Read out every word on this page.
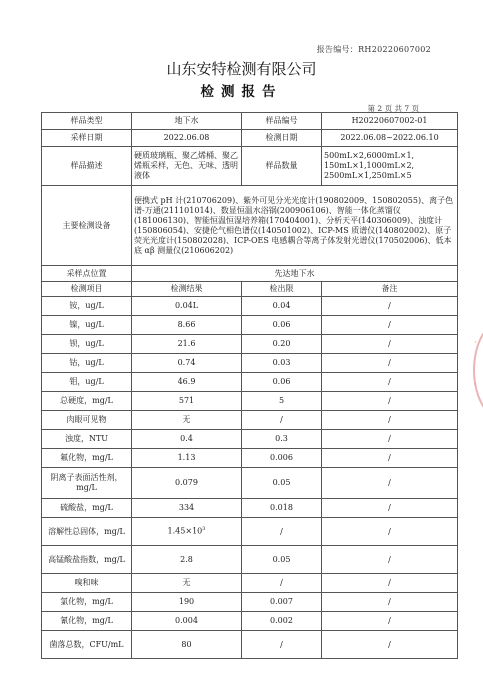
报告编号：RH20220607002
山东安特检测有限公司
检测报告
第 2 页 共 7 页
·
·
样品类型	地下水	样品编号	H20220607002-01
采样日期	2022.06.08	检测日期	2022.06.08~2022.06.10
样品描述	硬质玻璃瓶、聚乙烯桶、聚乙烯瓶采样，无色、无味、透明液体	样品数量	500mL×2,6000mL×1,
150mL×1,1000mL×2,
2500mL×1,250mL×5

主要检测设备	便携式 pH 计(210706209)、紫外可见分光光度计(190802009、150802055)、离子色谱-万通(211101014)、数显恒温水浴锅(200906106)、智能一体化蒸馏仪(181006130)、智能恒温恒湿培养箱(170404001)、分析天平(140306009)、浊度计(150806054)、安捷伦气相色谱仪(140501002)、ICP-MS 质谱仪(140802002)、原子荧光光度计(150802028)、ICP-OES 电感耦合等离子体发射光谱仪(170502006)、低本底 αβ 测量仪(210606202)		
采样点位置	先达地下水		
检测项目	检测结果	检出限	备注
铵，ug/L	0.04L	0.04	/
镍，ug/L	8.66	0.06	/
钡，ug/L	21.6	0.20	/
钴，ug/L	0.74	0.03	/
钼，ug/L	46.9	0.06	/
总硬度，mg/L	571	5	/
肉眼可见物	无	/	/
浊度，NTU	0.4	0.3	/
氟化物，mg/L	1.13	0.006	/
阴离子表面活性剂，mg/L	0.079	0.05	/
硫酸盐，mg/L	334	0.018	/
溶解性总固体，mg/L	$1.45\times 10^3$	/	/
高锰酸盐指数，mg/L	2.8	0.05	/
嗅和味	无	/	/
氯化物，mg/L	190	0.007	/
氰化物，mg/L	0.004	0.002	/
菌落总数，CFU/mL	80	/	/
